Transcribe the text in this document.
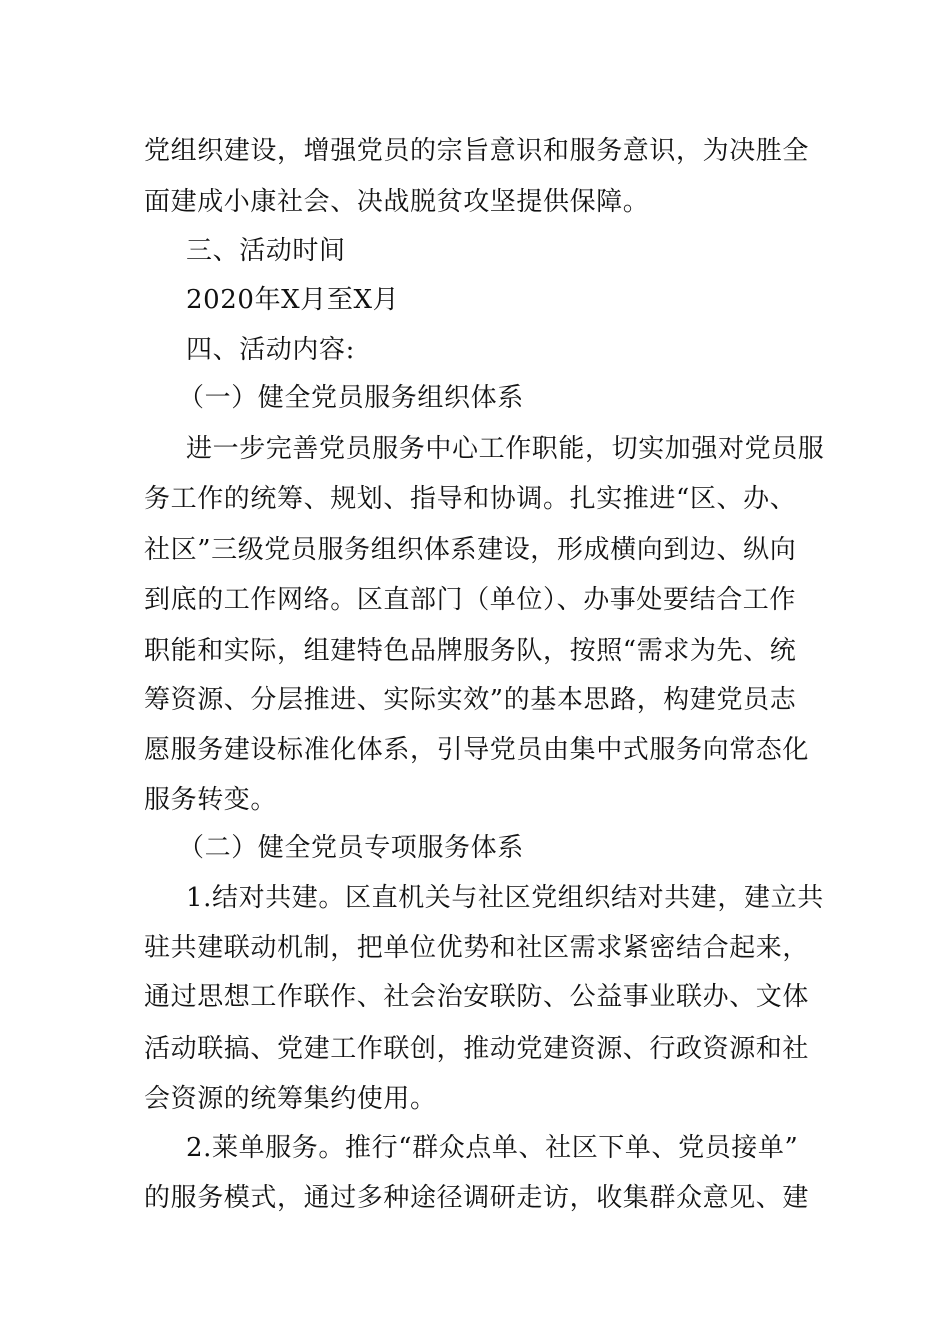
党组织建设，增强党员的宗旨意识和服务意识，为决胜全
面建成小康社会、决战脱贫攻坚提供保障。
三、活动时间
2020年X月至X月
四、活动内容:
（一）健全党员服务组织体系
进一步完善党员服务中心工作职能，切实加强对党员服
务工作的统筹、规划、指导和协调。扎实推进“区、办、
社区”三级党员服务组织体系建设，形成横向到边、纵向
到底的工作网络。区直部门（单位）、办事处要结合工作
职能和实际，组建特色品牌服务队，按照“需求为先、统
筹资源、分层推进、实际实效”的基本思路，构建党员志
愿服务建设标准化体系，引导党员由集中式服务向常态化
服务转变。
（二）健全党员专项服务体系
1.结对共建。区直机关与社区党组织结对共建，建立共
驻共建联动机制，把单位优势和社区需求紧密结合起来，
通过思想工作联作、社会治安联防、公益事业联办、文体
活动联搞、党建工作联创，推动党建资源、行政资源和社
会资源的统筹集约使用。
2.莱单服务。推行“群众点单、社区下单、党员接单”
的服务模式，通过多种途径调研走访，收集群众意见、建
